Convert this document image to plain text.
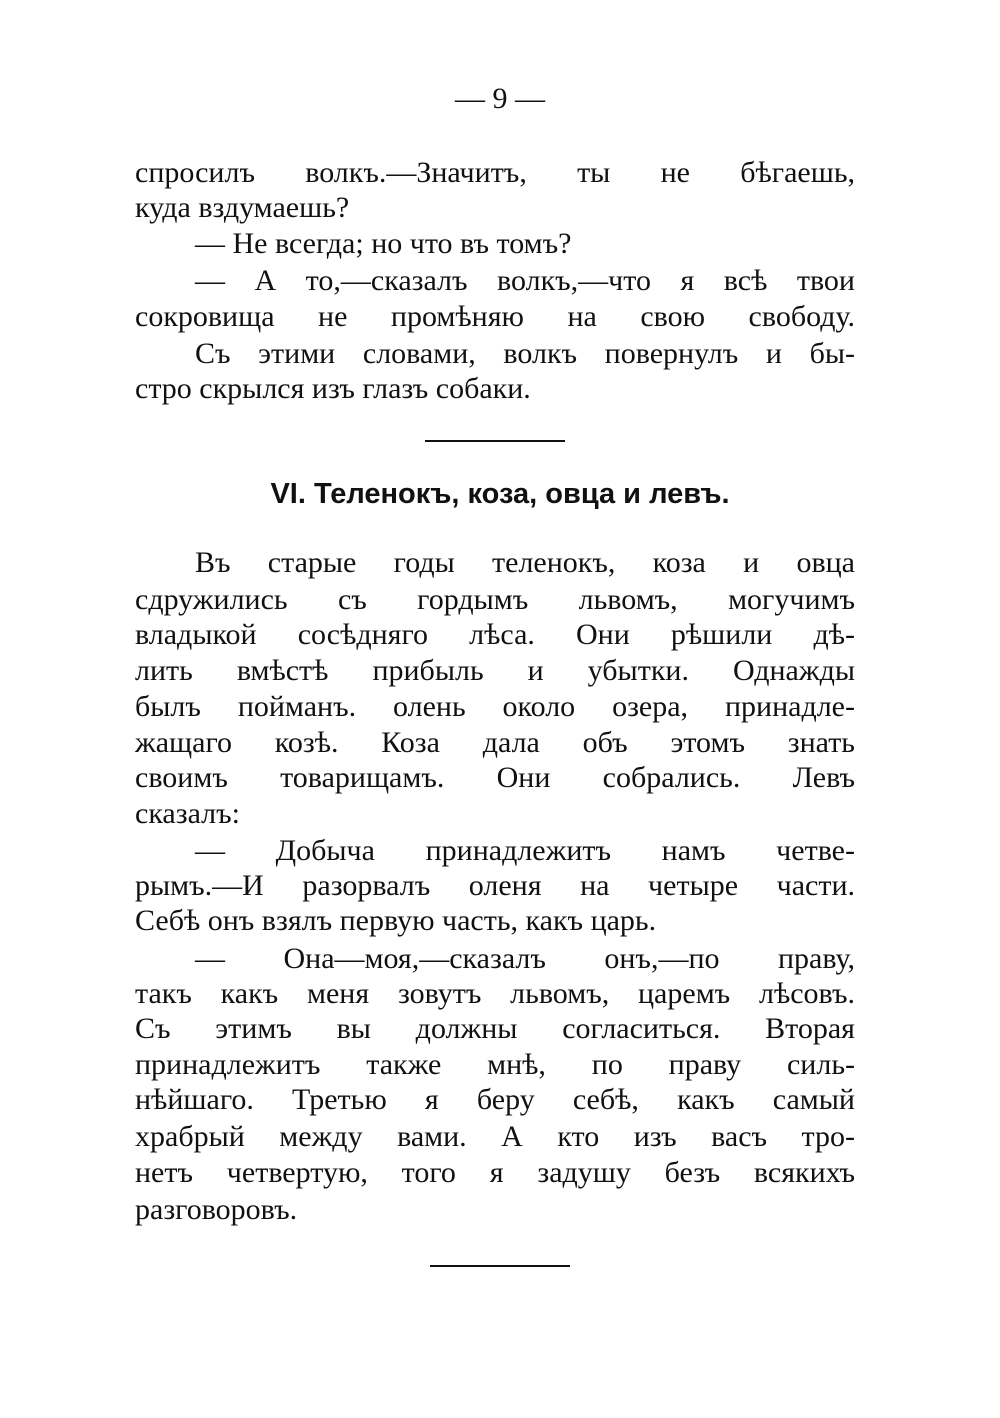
— 9 —
спросилъ волкъ.—Значитъ, ты не бѣгаешь,
куда вздумаешь?
— Не всегда; но что въ томъ?
— А то,—сказалъ волкъ,—что я всѣ твои
сокровища не промѣняю на свою свободу.
Съ этими словами, волкъ повернулъ и бы-
стро скрылся изъ глазъ собаки.
VI. Теленокъ, коза, овца и левъ.
Въ старые годы теленокъ, коза и овца
сдружились съ гордымъ львомъ, могучимъ
владыкой сосѣдняго лѣса. Они рѣшили дѣ-
лить вмѣстѣ прибыль и убытки. Однажды
былъ пойманъ. олень около озера, принадле-
жащаго козѣ. Коза дала объ этомъ знать
своимъ товарищамъ. Они собрались. Левъ
сказалъ:
— Добыча принадлежитъ намъ четве-
рымъ.—И разорвалъ оленя на четыре части.
Себѣ онъ взялъ первую часть, какъ царь.
— Она—моя,—сказалъ онъ,—по праву,
такъ какъ меня зовутъ львомъ, царемъ лѣсовъ.
Съ этимъ вы должны согласиться. Вторая
принадлежитъ также мнѣ, по праву силь-
нѣйшаго. Третью я беру себѣ, какъ самый
храбрый между вами. А кто изъ васъ тро-
нетъ четвертую, того я задушу безъ всякихъ
разговоровъ.
